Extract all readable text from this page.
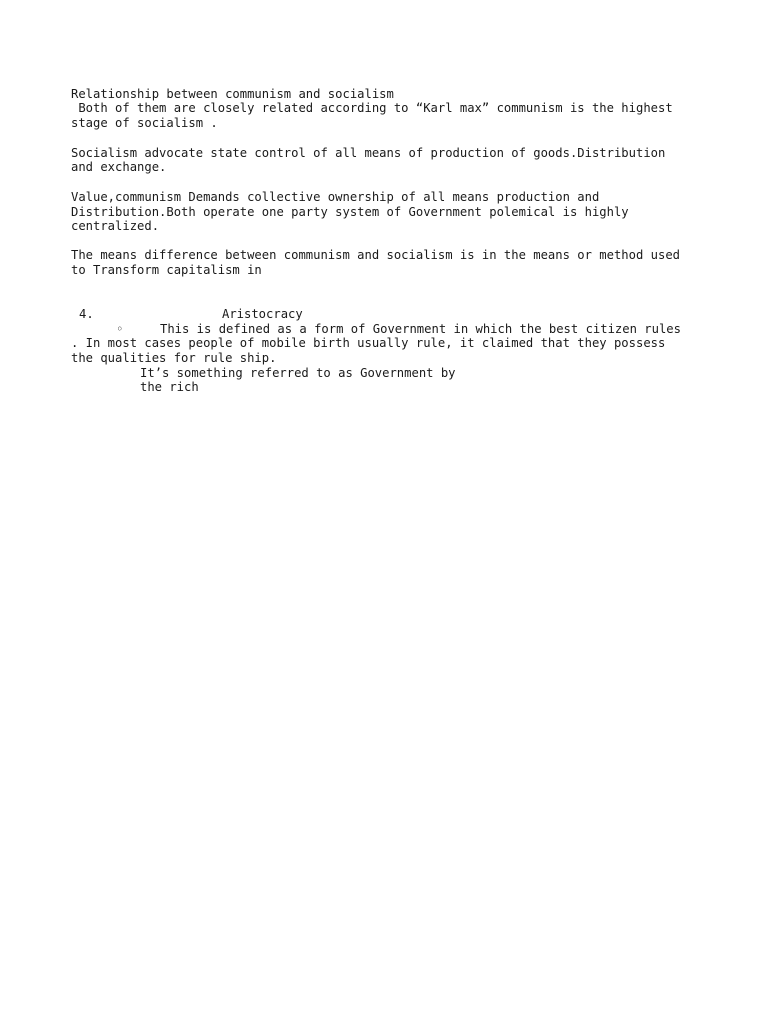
Relationship between communism and socialism
Both of them are closely related according to “Karl max” communism is the highest
stage of socialism .
Socialism advocate state control of all means of production of goods.Distribution
and exchange.
Value,communism Demands collective ownership of all means production and
Distribution.Both operate one party system of Government polemical is highly
centralized.
The means difference between communism and socialism is in the means or method used
to Transform capitalism in
4.	Aristocracy
◦	This is defined as a form of Government in which the best citizen rules
. In most cases people of mobile birth usually rule, it claimed that they possess
the qualities for rule ship.
It’s something referred to as Government by
the rich
